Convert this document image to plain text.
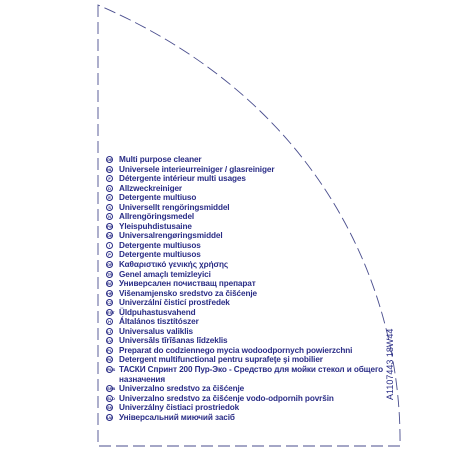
GB Multi purpose cleaner
NL Universele interieurreiniger / glasreiniger
F Détergente intérieur multi usages
D Allzweckreiniger
E Detergente multiuso
S Universellt rengöringsmiddel
N Allrengöringsmedel
FIN Yleispuhdistusaine
DK Universalrengøringsmiddel
I	Detergente multiusos
P Detergente multiusos
GR Καθαριστικό γενικής χρήσης
TR Genel amaçlı temizleyici
BG Универсален почистващ препарат
HR Višenamjensko sredstvo za čišćenje
CZ Univerzální čisticí prostředek
EST Üldpuhastusvahend
H Általános tisztítószer
LT Universalus valiklis
LV Universāls tīrīšanas līdzeklis
PL Preparat do codziennego mycia wodoodpornych powierzchni
RO Detergent multifunctional pentru suprafeţe şi mobilier
RUS ТАСКИ Спринт 200 Пур-Эко - Средство для мойки стекол и общего
назначения
SRB Univerzalno sredstvo za čišćenje
SLO Univerzalno sredstvo za čišćenje vodo-odpornih površin
SK Univerzálny čistiaci prostriedok
UA Універсальний миючий засіб
A1107443 18W44
